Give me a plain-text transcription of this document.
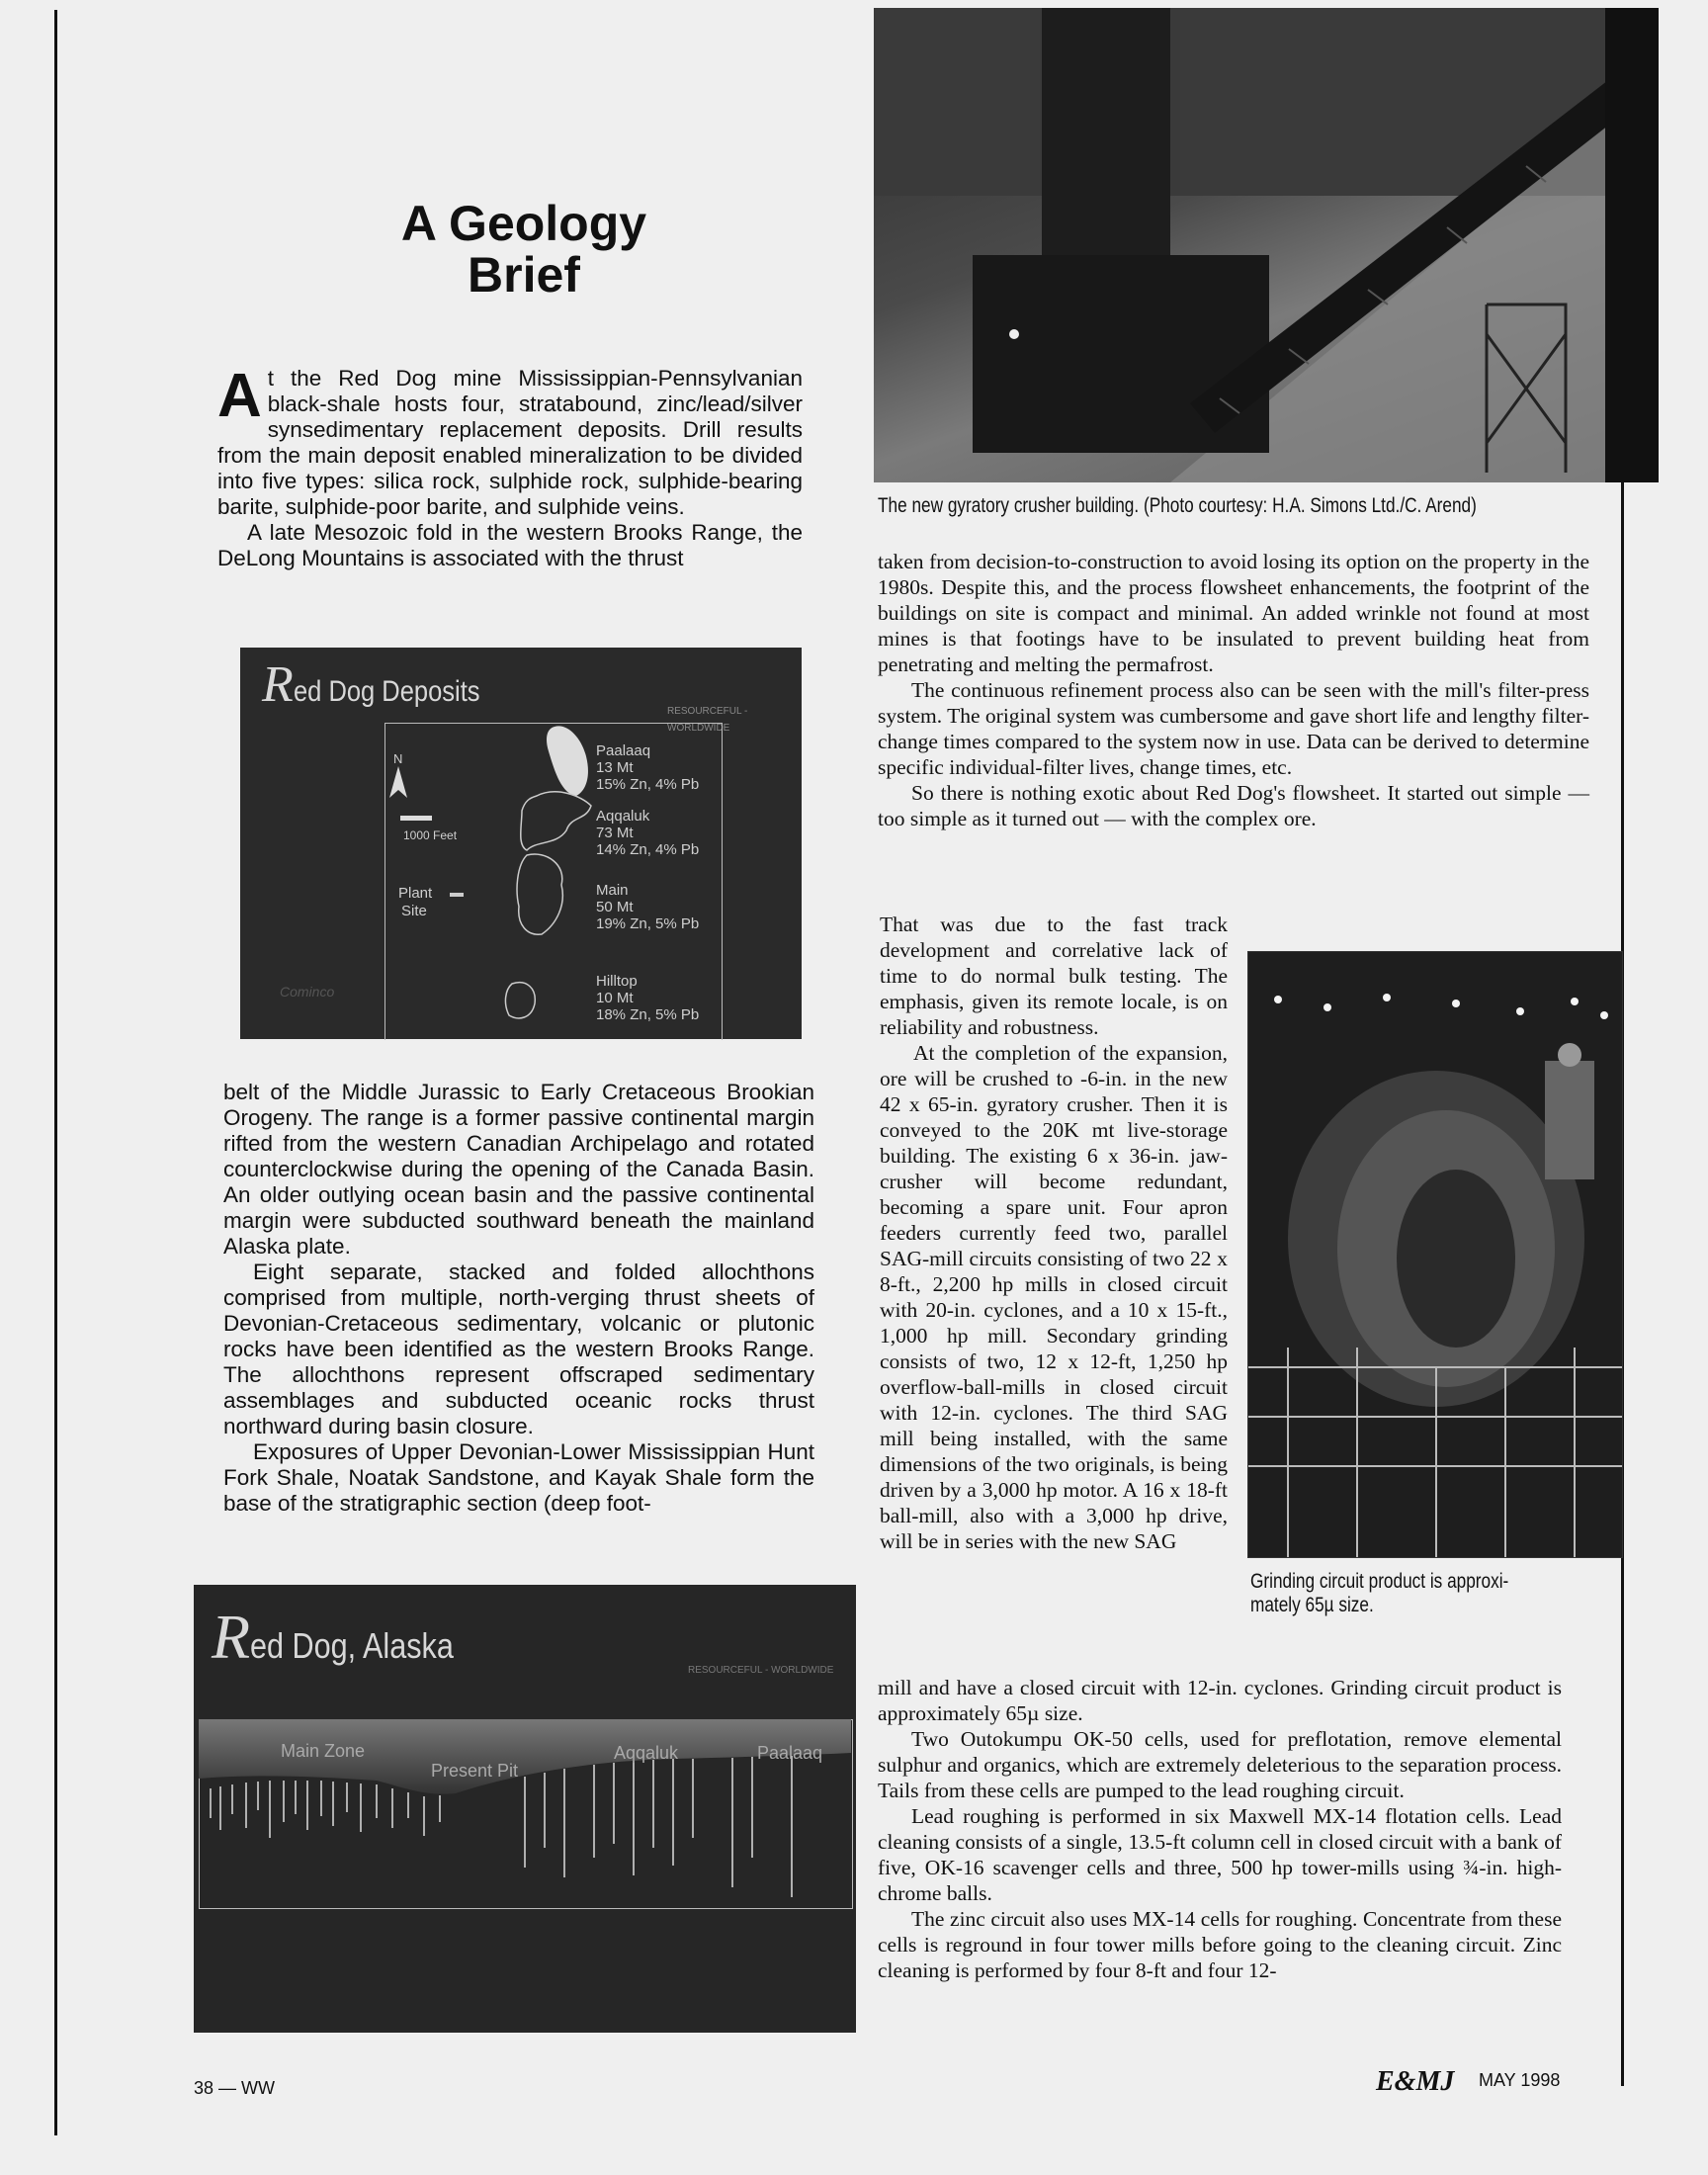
A Geology
Brief

At the Red Dog mine Mississippian-Pennsylvanian black-shale hosts four, stratabound, zinc/lead/silver synsedimentary replacement deposits. Drill results from the main deposit enabled mineralization to be divided into five types: silica rock, sulphide rock, sulphide-bearing barite, sulphide-poor barite, and sulphide veins.

A late Mesozoic fold in the western Brooks Range, the DeLong Mountains is associated with the thrust

Red Dog Deposits
RESOURCEFUL - WORLDWIDE
N
1000 Feet
Plant
Site
Paalaaq
13 Mt
15% Zn, 4% Pb
Aqqaluk
73 Mt
14% Zn, 4% Pb
Main
50 Mt
19% Zn, 5% Pb
Hilltop
10 Mt
18% Zn, 5% Pb
Cominco

belt of the Middle Jurassic to Early Cretaceous Brookian Orogeny. The range is a former passive continental margin rifted from the western Canadian Archipelago and rotated counterclockwise during the opening of the Canada Basin. An older outlying ocean basin and the passive continental margin were subducted southward beneath the mainland Alaska plate.

Eight separate, stacked and folded allochthons comprised from multiple, north-verging thrust sheets of Devonian-Cretaceous sedimentary, volcanic or plutonic rocks have been identified as the western Brooks Range. The allochthons represent offscraped sedimentary assemblages and subducted oceanic rocks thrust northward during basin closure.

Exposures of Upper Devonian-Lower Mississippian Hunt Fork Shale, Noatak Sandstone, and Kayak Shale form the base of the stratigraphic section (deep foot-

Red Dog, Alaska
RESOURCEFUL - WORLDWIDE
Main Zone
Present Pit
Aqqaluk	Paalaaq
The new gyratory crusher building. (Photo courtesy: H.A. Simons Ltd./C. Arend)

taken from decision-to-construction to avoid losing its option on the property in the 1980s. Despite this, and the process flowsheet enhancements, the footprint of the buildings on site is compact and minimal. An added wrinkle not found at most mines is that footings have to be insulated to prevent building heat from penetrating and melting the permafrost.

The continuous refinement process also can be seen with the mill's filter-press system. The original system was cumbersome and gave short life and lengthy filter-change times compared to the system now in use. Data can be derived to determine specific individual-filter lives, change times, etc.

So there is nothing exotic about Red Dog's flowsheet. It started out simple — too simple as it turned out — with the complex ore.

That was due to the fast track development and correlative lack of time to do normal bulk testing. The emphasis, given its remote locale, is on reliability and robustness.

At the completion of the expansion, ore will be crushed to -6-in. in the new 42 x 65-in. gyratory crusher. Then it is conveyed to the 20K mt live-storage building. The existing 6 x 36-in. jaw-crusher will become redundant, becoming a spare unit. Four apron feeders currently feed two, parallel SAG-mill circuits consisting of two 22 x 8-ft., 2,200 hp mills in closed circuit with 20-in. cyclones, and a 10 x 15-ft., 1,000 hp mill. Secondary grinding consists of two, 12 x 12-ft, 1,250 hp overflow-ball-mills in closed circuit with 12-in. cyclones. The third SAG mill being installed, with the same dimensions of the two originals, is being driven by a 3,000 hp motor. A 16 x 18-ft ball-mill, also with a 3,000 hp drive, will be in series with the new SAG

Grinding circuit product is approxi-
mately 65µ size.

mill and have a closed circuit with 12-in. cyclones. Grinding circuit product is approximately 65µ size.

Two Outokumpu OK-50 cells, used for preflotation, remove elemental sulphur and organics, which are extremely deleterious to the separation process. Tails from these cells are pumped to the lead roughing circuit.

Lead roughing is performed in six Maxwell MX-14 flotation cells. Lead cleaning consists of a single, 13.5-ft column cell in closed circuit with a bank of five, OK-16 scavenger cells and three, 500 hp tower-mills using ¾-in. high-chrome balls.

The zinc circuit also uses MX-14 cells for roughing. Concentrate from these cells is reground in four tower mills before going to the cleaning circuit. Zinc cleaning is performed by four 8-ft and four 12-

38 — WW	E&MJ MAY 1998
